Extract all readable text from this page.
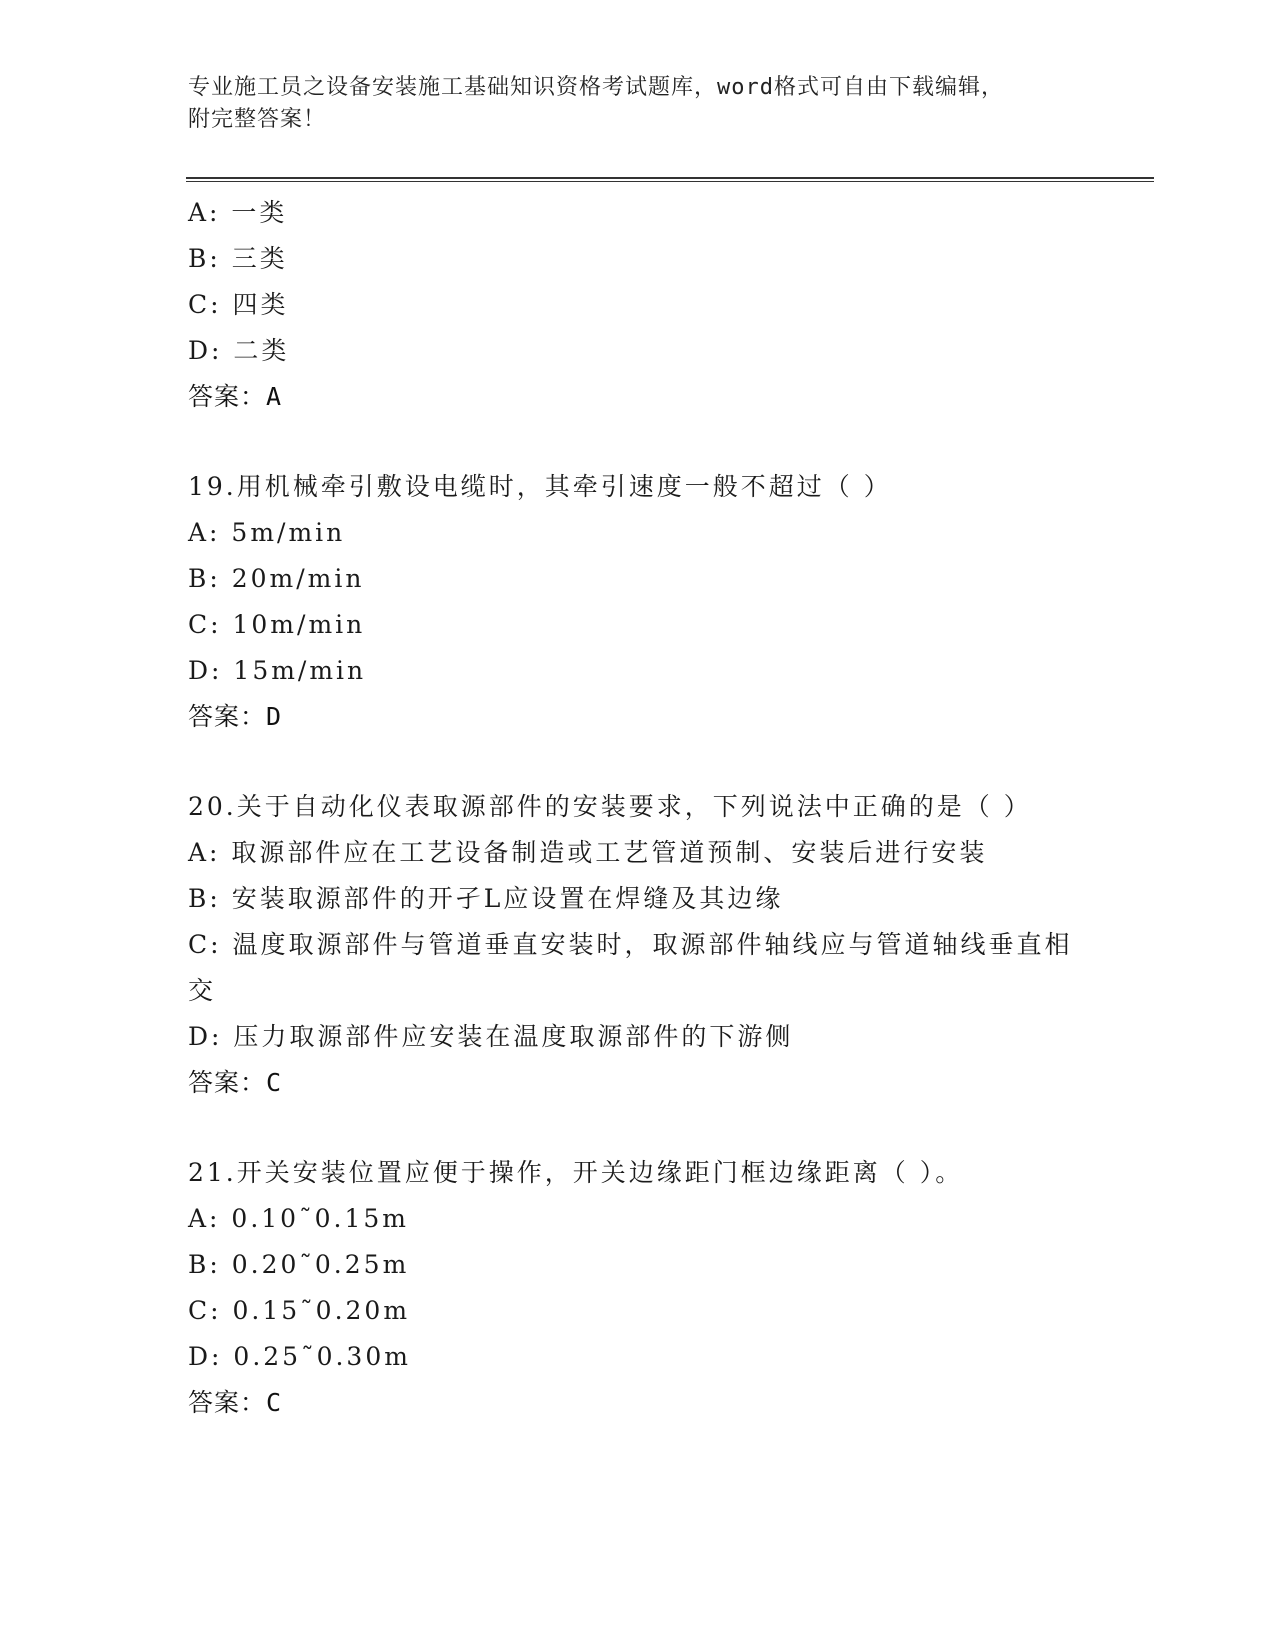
专业施工员之设备安装施工基础知识资格考试题库，word格式可自由下载编辑，
附完整答案！
A: 一类
B: 三类
C: 四类
D: 二类
答案：A
19.用机械牵引敷设电缆时，其牵引速度一般不超过（ ）
A: 5m/min
B: 20m/min
C: 10m/min
D: 15m/min
答案：D
20.关于自动化仪表取源部件的安装要求，下列说法中正确的是（ ）
A: 取源部件应在工艺设备制造或工艺管道预制、安装后进行安装
B: 安装取源部件的开孑L应设置在焊缝及其边缘
C: 温度取源部件与管道垂直安装时，取源部件轴线应与管道轴线垂直相交
D: 压力取源部件应安装在温度取源部件的下游侧
答案：C
21.开关安装位置应便于操作，开关边缘距门框边缘距离（ ）。
A: 0.10˜0.15m
B: 0.20˜0.25m
C: 0.15˜0.20m
D: 0.25˜0.30m
答案：C
